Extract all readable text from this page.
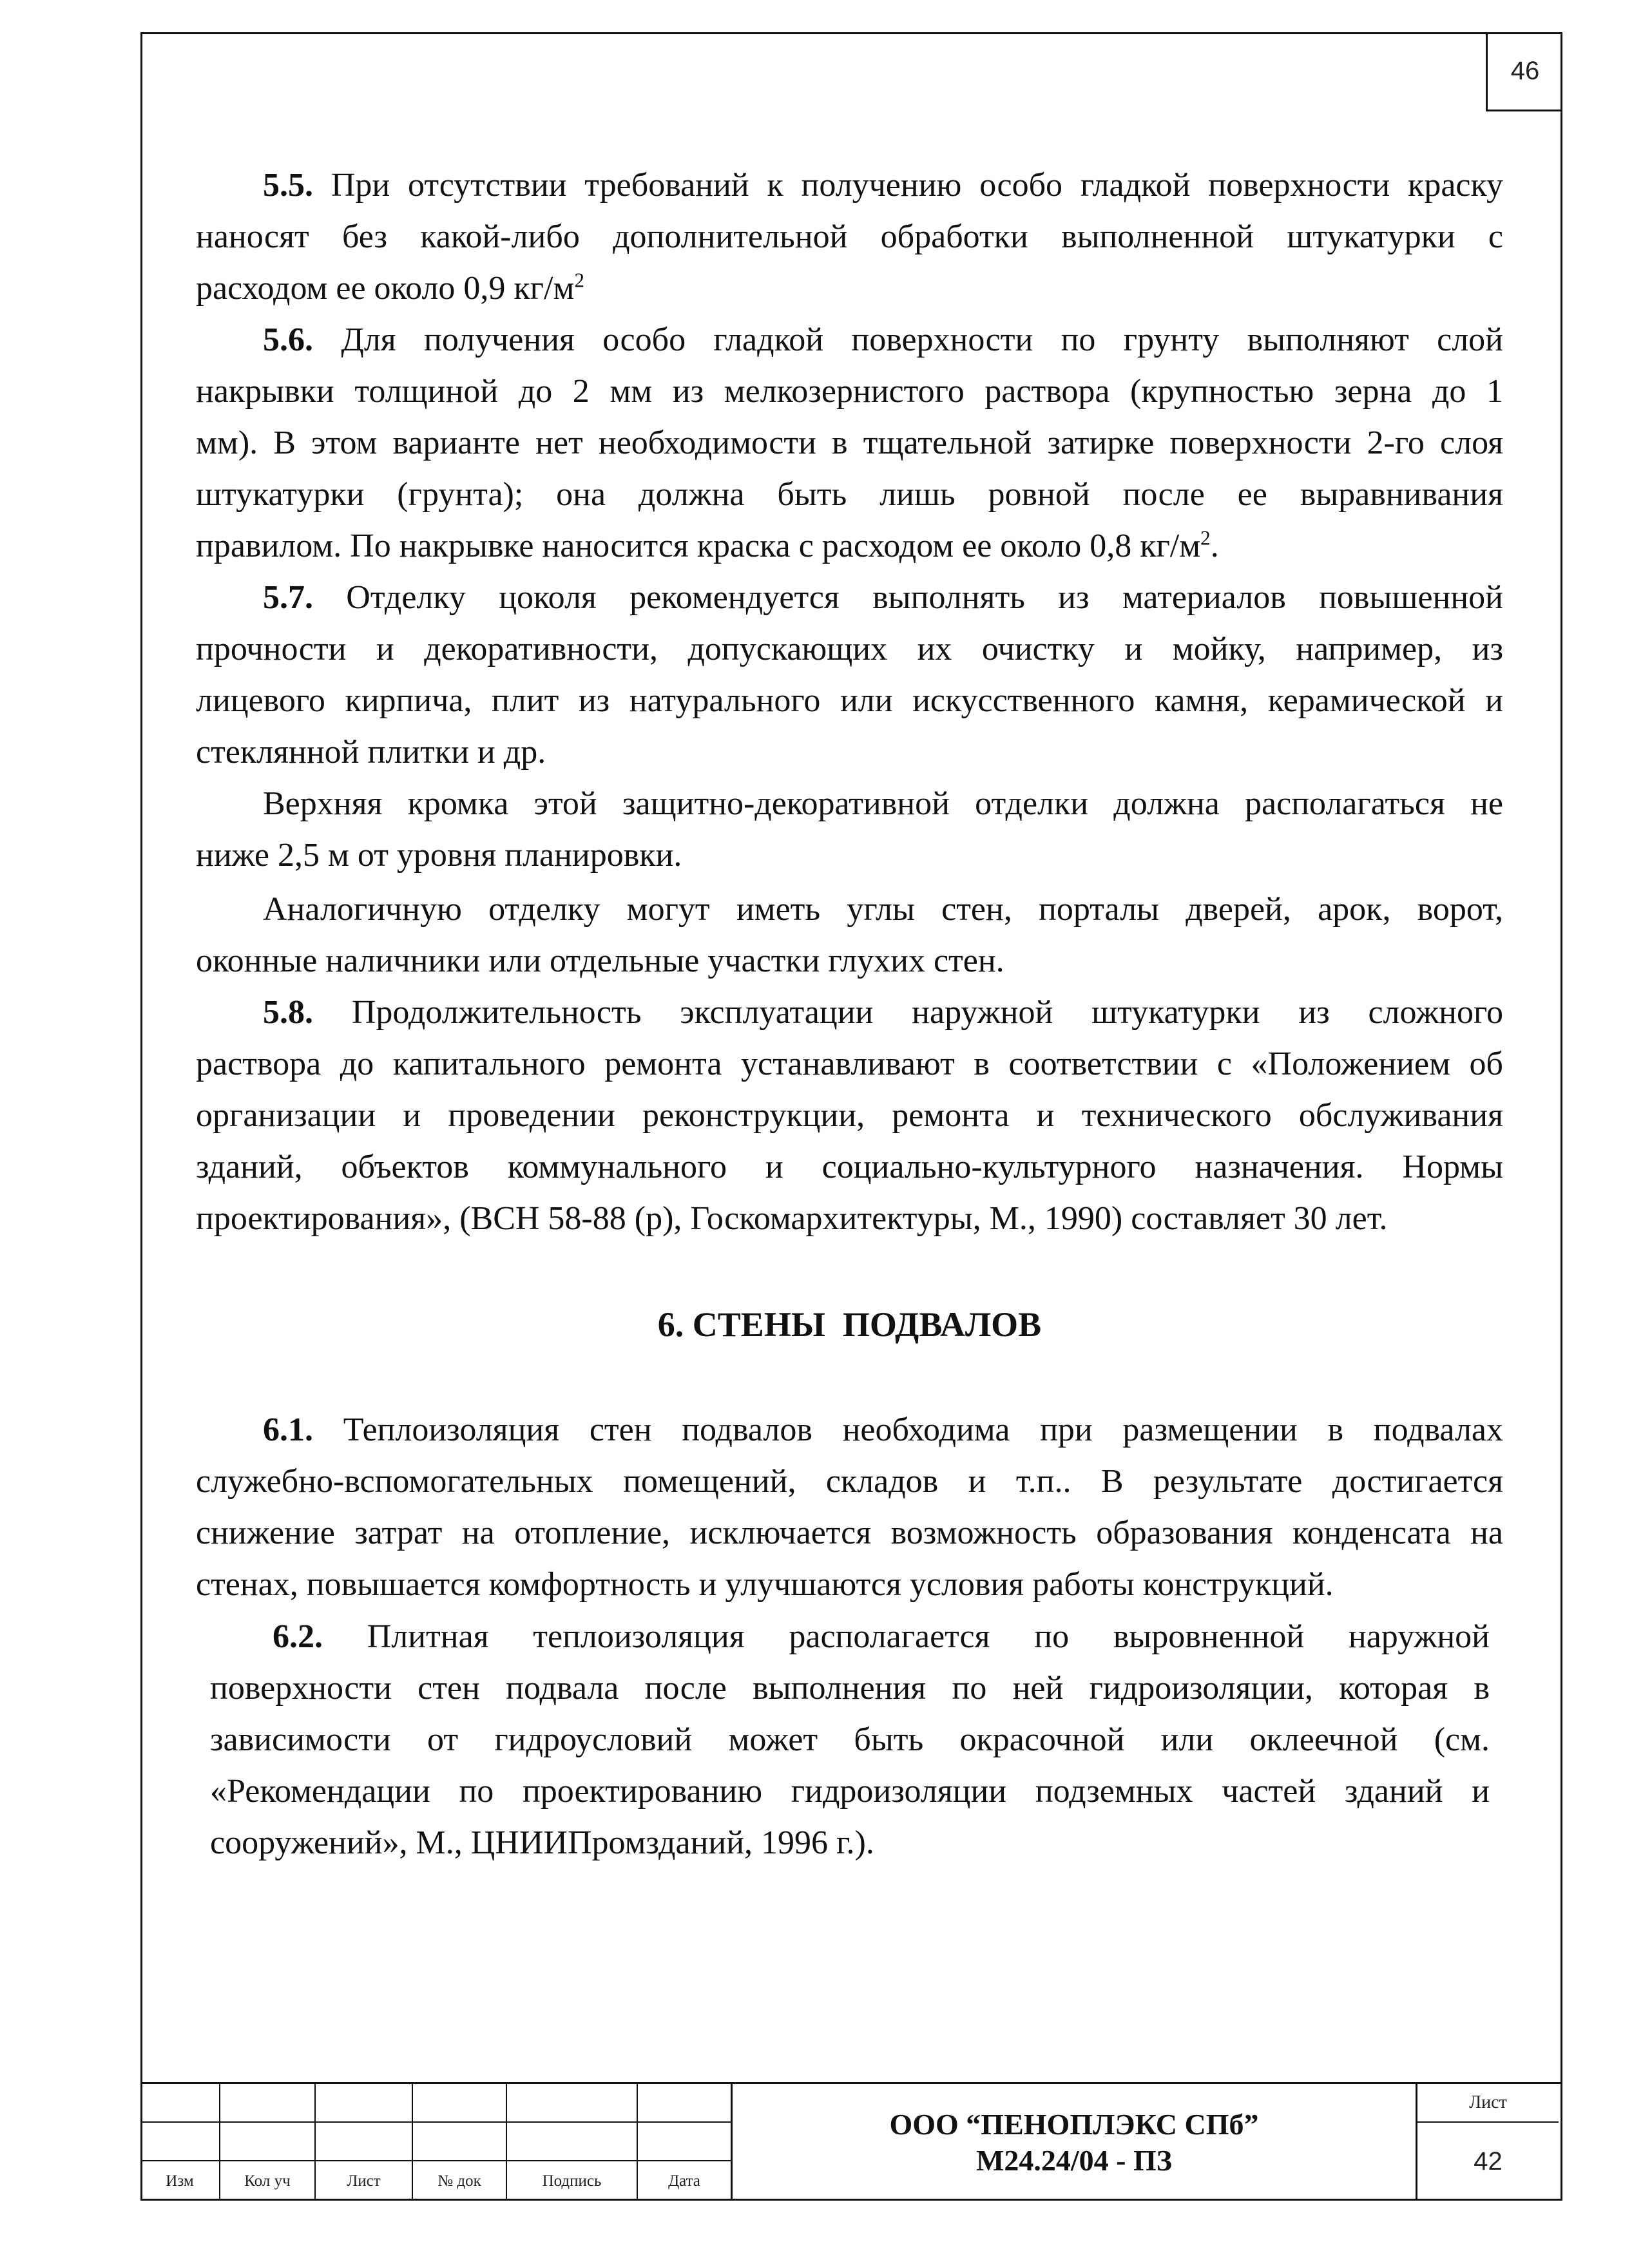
46
5.5. При отсутствии требований к получению особо гладкой поверхности краску
наносят без какой-либо дополнительной обработки выполненной штукатурки с
расходом ее около 0,9 $кг/м^2$
5.6. Для получения особо гладкой поверхности по грунту выполняют слой
накрывки толщиной до 2 мм из мелкозернистого раствора (крупностью зерна до 1
мм). В этом варианте нет необходимости в тщательной затирке поверхности 2-го слоя
штукатурки (грунта); она должна быть лишь ровной после ее выравнивания
правилом. По накрывке наносится краска с расходом ее около 0,8 $кг/м^2$.
5.7. Отделку цоколя рекомендуется выполнять из материалов повышенной
прочности и декоративности, допускающих их очистку и мойку, например, из
лицевого кирпича, плит из натурального или искусственного камня, керамической и
стеклянной плитки и др.
Верхняя кромка этой защитно-декоративной отделки должна располагаться не
ниже 2,5 м от уровня планировки.
Аналогичную отделку могут иметь углы стен, порталы дверей, арок, ворот,
оконные наличники или отдельные участки глухих стен.
5.8. Продолжительность эксплуатации наружной штукатурки из сложного
раствора до капитального ремонта устанавливают в соответствии с «Положением об
организации и проведении реконструкции, ремонта и технического обслуживания
зданий, объектов коммунального и социально-культурного назначения. Нормы
проектирования», (ВСН 58-88 (р), Госкомархитектуры, М., 1990) составляет 30 лет.
6. СТЕНЫ  ПОДВАЛОВ
6.1. Теплоизоляция стен подвалов необходима при размещении в подвалах
служебно-вспомогательных помещений, складов и т.п.. В результате достигается
снижение затрат на отопление, исключается возможность образования конденсата на
стенах, повышается комфортность и улучшаются условия работы конструкций.
6.2. Плитная теплоизоляция располагается по выровненной наружной
поверхности стен подвала после выполнения по ней гидроизоляции, которая в
зависимости от гидроусловий может быть окрасочной или оклеечной (см.
«Рекомендации по проектированию гидроизоляции подземных частей зданий и
сооружений», М., ЦНИИПромзданий, 1996 г.).
Изм	Кол уч	Лист	№ док	Подпись	Дата
ООО “ПЕНОПЛЭКС СПб”
М24.24/04 - ПЗ
Лист
42
